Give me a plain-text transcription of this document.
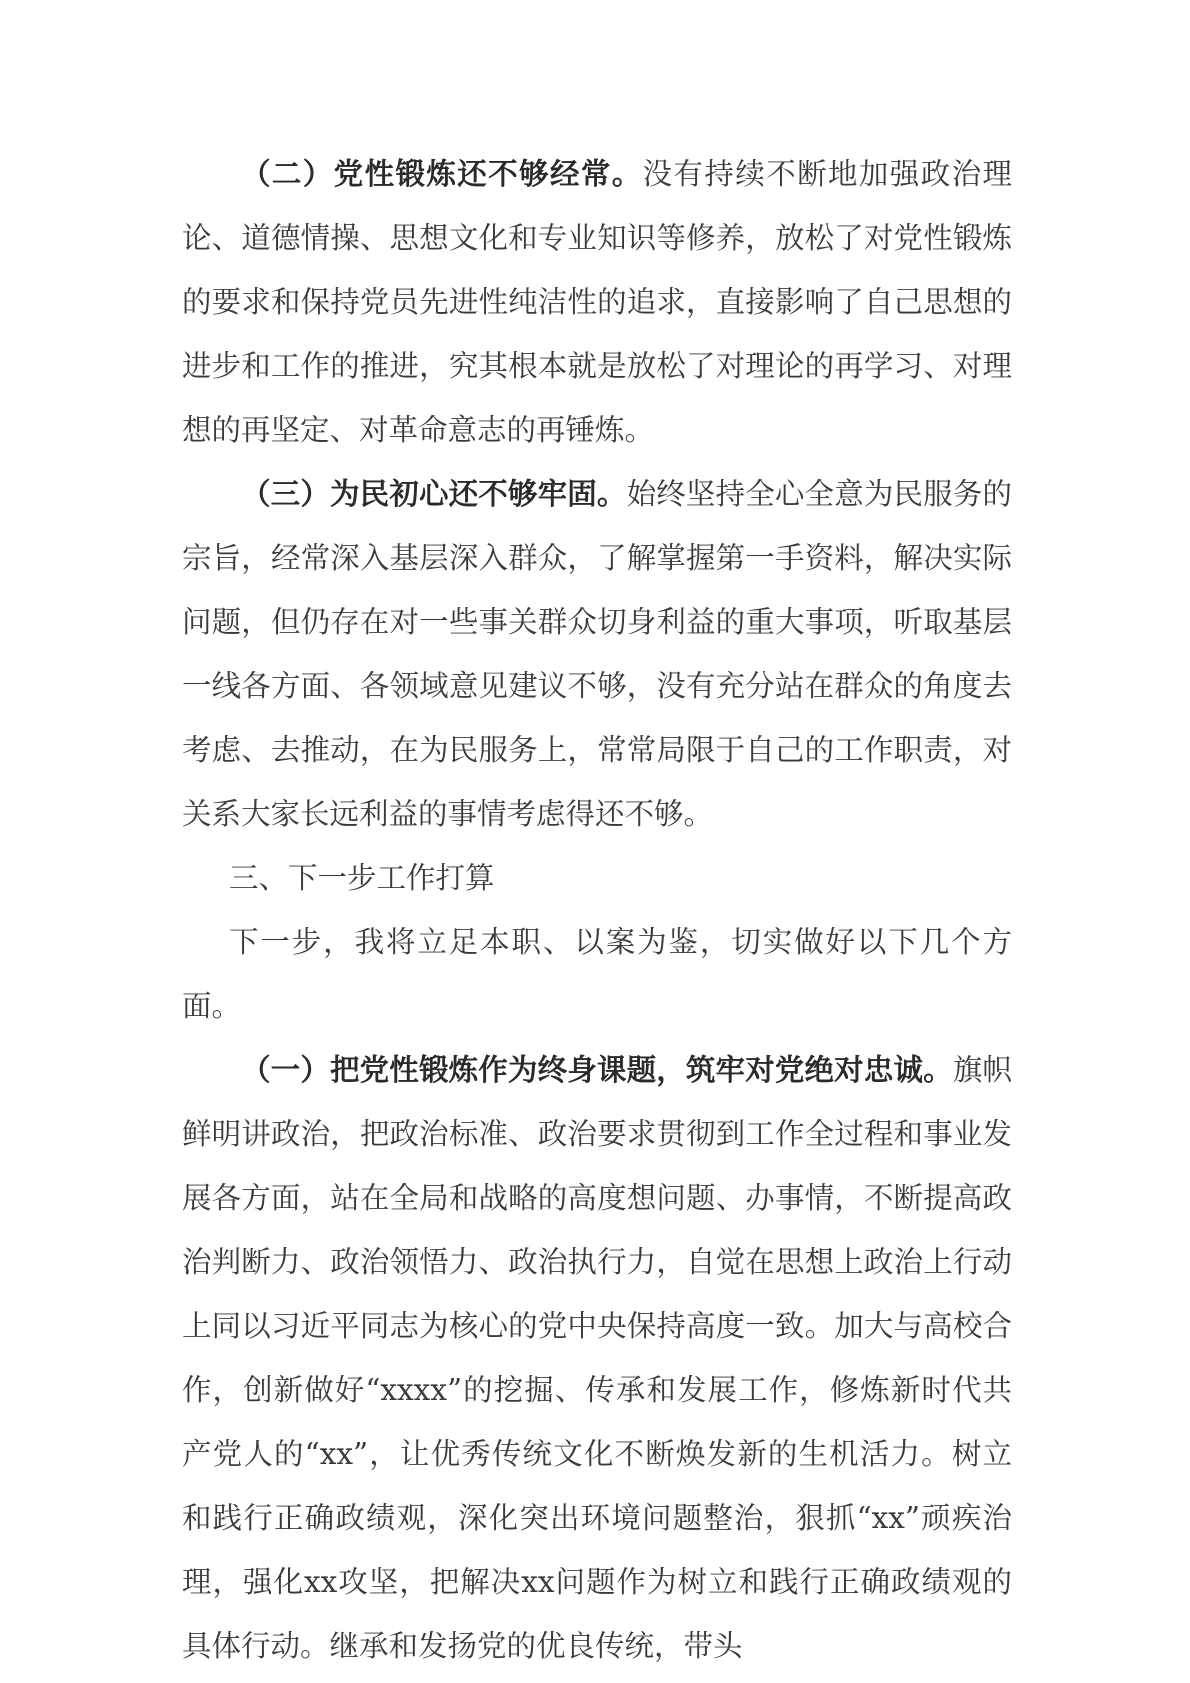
（二）党性锻炼还不够经常。没有持续不断地加强政治理论、道德情操、思想文化和专业知识等修养，放松了对党性锻炼的要求和保持党员先进性纯洁性的追求，直接影响了自己思想的进步和工作的推进，究其根本就是放松了对理论的再学习、对理想的再坚定、对革命意志的再锤炼。

（三）为民初心还不够牢固。始终坚持全心全意为民服务的宗旨，经常深入基层深入群众，了解掌握第一手资料，解决实际问题，但仍存在对一些事关群众切身利益的重大事项，听取基层一线各方面、各领域意见建议不够，没有充分站在群众的角度去考虑、去推动，在为民服务上，常常局限于自己的工作职责，对关系大家长远利益的事情考虑得还不够。

三、下一步工作打算

下一步，我将立足本职、以案为鉴，切实做好以下几个方面。

（一）把党性锻炼作为终身课题，筑牢对党绝对忠诚。旗帜鲜明讲政治，把政治标准、政治要求贯彻到工作全过程和事业发展各方面，站在全局和战略的高度想问题、办事情，不断提高政治判断力、政治领悟力、政治执行力，自觉在思想上政治上行动上同以习近平同志为核心的党中央保持高度一致。加大与高校合作，创新做好“xxxx”的挖掘、传承和发展工作，修炼新时代共产党人的“xx”，让优秀传统文化不断焕发新的生机活力。树立和践行正确政绩观，深化突出环境问题整治，狠抓“xx”顽疾治理，强化xx攻坚，把解决xx问题作为树立和践行正确政绩观的具体行动。继承和发扬党的优良传统，带头
